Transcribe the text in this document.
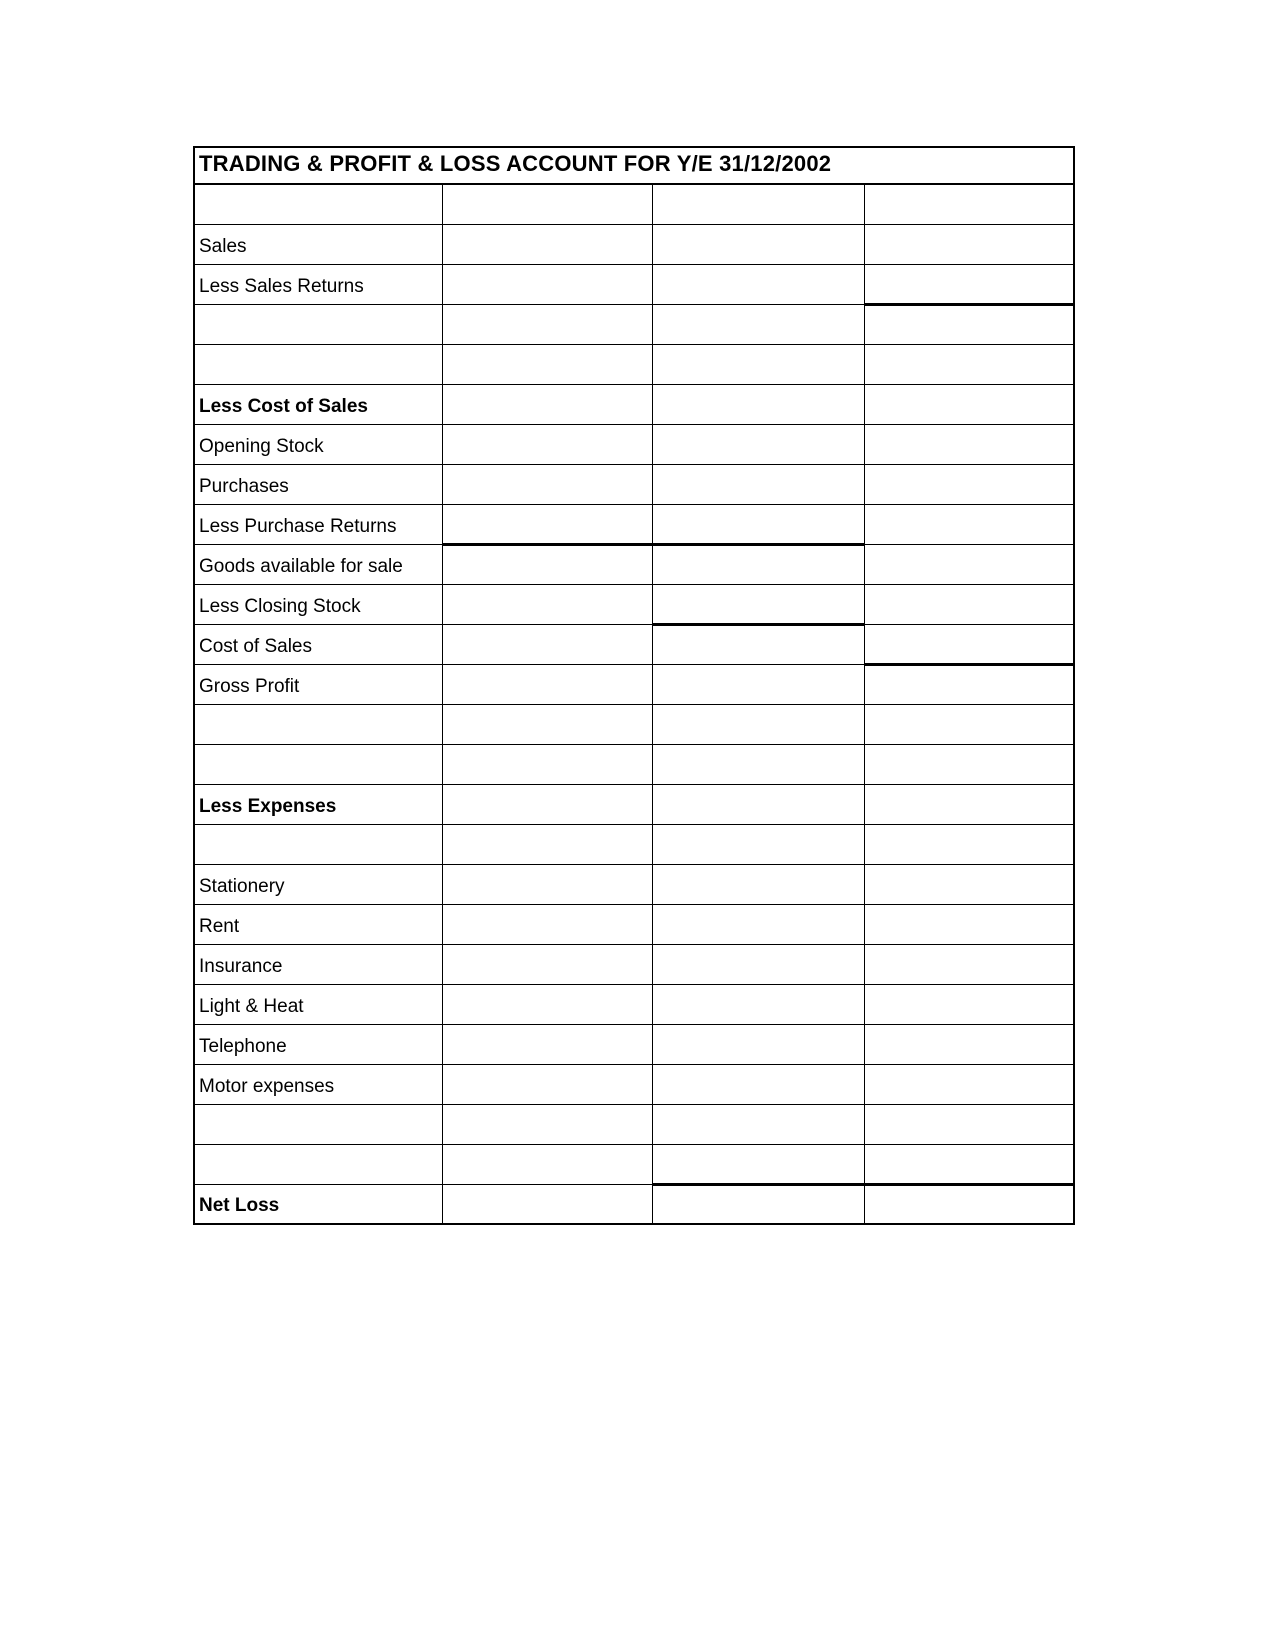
TRADING & PROFIT & LOSS ACCOUNT FOR Y/E 31/12/2002			

Sales			
Less Sales Returns			

Less Cost of Sales			
Opening Stock			
Purchases			
Less Purchase Returns			
Goods available for sale			
Less Closing Stock			
Cost of Sales			
Gross Profit			

Less Expenses			

Stationery			
Rent			
Insurance			
Light & Heat			
Telephone			
Motor expenses			

Net Loss			
